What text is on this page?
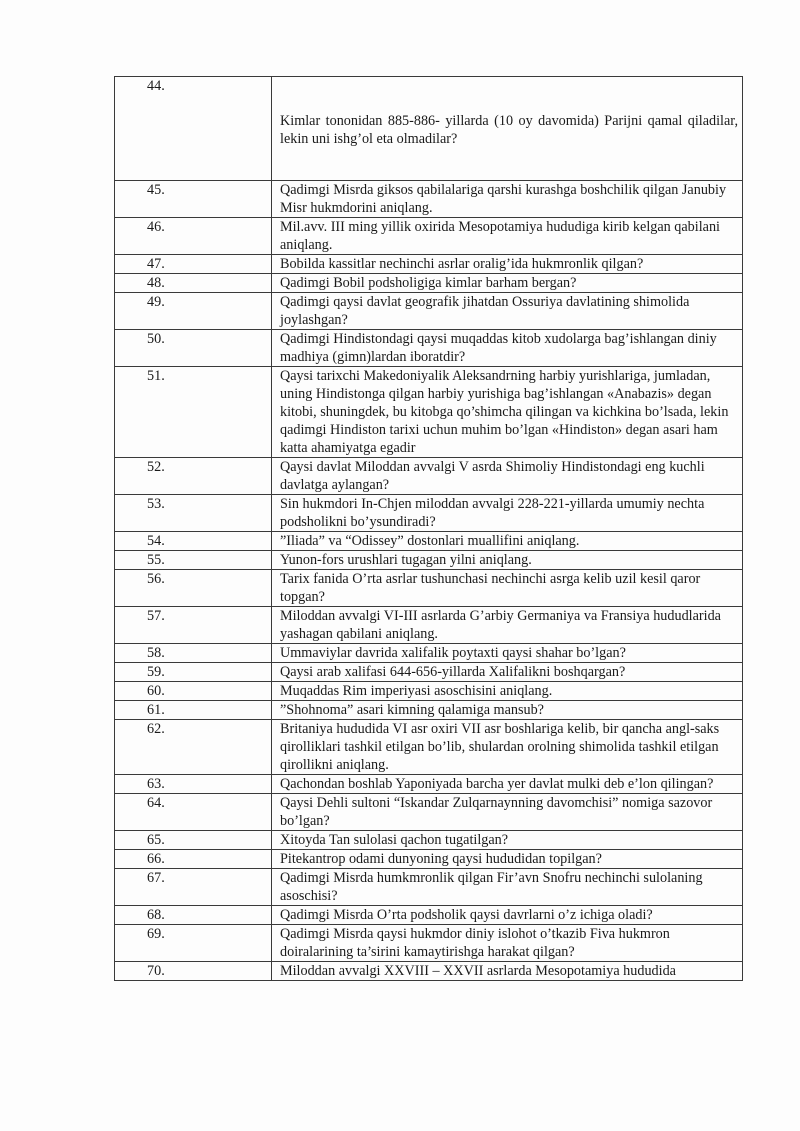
44.	Kimlar tononidan 885-886- yillarda (10 oy davomida) Parijni qamal qiladilar, lekin uni ishg’ol eta olmadilar?
45.	Qadimgi Misrda giksos qabilalariga qarshi kurashga boshchilik qilgan Janubiy Misr hukmdorini aniqlang.
46.	Mil.avv. III ming yillik oxirida Mesopotamiya hududiga kirib kelgan qabilani aniqlang.
47.	Bobilda kassitlar nechinchi asrlar oralig’ida hukmronlik qilgan?
48.	Qadimgi Bobil podsholigiga kimlar barham bergan?
49.	Qadimgi qaysi davlat geografik jihatdan Ossuriya davlatining shimolida joylashgan?
50.	Qadimgi Hindistondagi qaysi muqaddas kitob xudolarga bag’ishlangan diniy madhiya (gimn)lardan iboratdir?
51.	Qaysi tarixchi Makedoniyalik Aleksandrning harbiy yurishlariga, jumladan, uning Hindistonga qilgan harbiy yurishiga bag’ishlangan «Anabazis» degan kitobi, shuningdek, bu kitobga qo’shimcha qilingan va kichkina bo’lsada, lekin qadimgi Hindiston tarixi uchun muhim bo’lgan «Hindiston» degan asari ham katta ahamiyatga egadir
52.	Qaysi davlat Miloddan avvalgi V asrda Shimoliy Hindistondagi eng kuchli davlatga aylangan?
53.	Sin hukmdori In-Chjen miloddan avvalgi 228-221-yillarda umumiy nechta podsholikni bo’ysundiradi?
54.	”Iliada” va “Odissey” dostonlari muallifini aniqlang.
55.	Yunon-fors urushlari tugagan yilni aniqlang.
56.	Tarix fanida O’rta asrlar tushunchasi nechinchi asrga kelib uzil kesil qaror topgan?
57.	Miloddan avvalgi VI-III asrlarda G’arbiy Germaniya va Fransiya hududlarida yashagan qabilani aniqlang.
58.	Ummaviylar davrida xalifalik poytaxti qaysi shahar bo’lgan?
59.	Qaysi arab xalifasi 644-656-yillarda Xalifalikni boshqargan?
60.	Muqaddas Rim imperiyasi asoschisini aniqlang.
61.	”Shohnoma” asari kimning qalamiga mansub?
62.	Britaniya hududida VI asr oxiri VII asr boshlariga kelib, bir qancha angl-saks qirolliklari tashkil etilgan bo’lib, shulardan orolning shimolida tashkil etilgan qirollikni aniqlang.
63.	Qachondan boshlab Yaponiyada barcha yer davlat mulki deb e’lon qilingan?
64.	Qaysi Dehli sultoni “Iskandar Zulqarnaynning davomchisi” nomiga sazovor bo’lgan?
65.	Xitoyda Tan sulolasi qachon tugatilgan?
66.	Pitekantrop odami dunyoning qaysi hududidan topilgan?
67.	Qadimgi Misrda humkmronlik qilgan Fir’avn Snofru nechinchi sulolaning asoschisi?
68.	Qadimgi Misrda O’rta podsholik qaysi davrlarni o’z ichiga oladi?
69.	Qadimgi Misrda qaysi hukmdor diniy islohot o’tkazib Fiva hukmron doiralarining ta’sirini kamaytirishga harakat qilgan?
70.	Miloddan avvalgi XXVIII – XXVII asrlarda Mesopotamiya hududida
